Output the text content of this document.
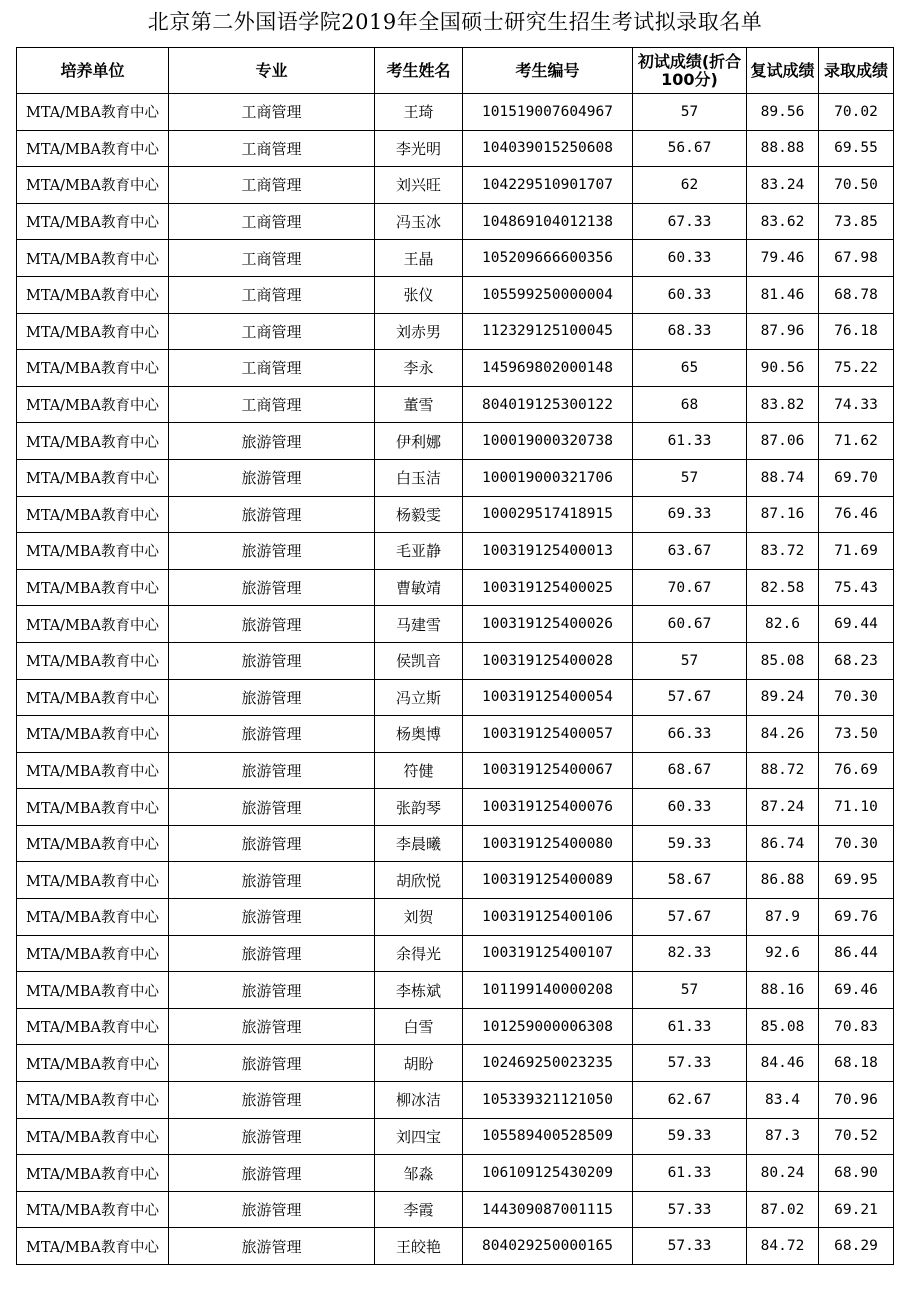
北京第二外国语学院2019年全国硕士研究生招生考试拟录取名单
培养单位	专业	考生姓名	考生编号	初试成绩(折合100分)	复试成绩	录取成绩
MTA/MBA教育中心	工商管理	王琦	101519007604967	57	89.56	70.02
MTA/MBA教育中心	工商管理	李光明	104039015250608	56.67	88.88	69.55
MTA/MBA教育中心	工商管理	刘兴旺	104229510901707	62	83.24	70.50
MTA/MBA教育中心	工商管理	冯玉冰	104869104012138	67.33	83.62	73.85
MTA/MBA教育中心	工商管理	王晶	105209666600356	60.33	79.46	67.98
MTA/MBA教育中心	工商管理	张仪	105599250000004	60.33	81.46	68.78
MTA/MBA教育中心	工商管理	刘赤男	112329125100045	68.33	87.96	76.18
MTA/MBA教育中心	工商管理	李永	145969802000148	65	90.56	75.22
MTA/MBA教育中心	工商管理	董雪	804019125300122	68	83.82	74.33
MTA/MBA教育中心	旅游管理	伊利娜	100019000320738	61.33	87.06	71.62
MTA/MBA教育中心	旅游管理	白玉洁	100019000321706	57	88.74	69.70
MTA/MBA教育中心	旅游管理	杨毅雯	100029517418915	69.33	87.16	76.46
MTA/MBA教育中心	旅游管理	毛亚静	100319125400013	63.67	83.72	71.69
MTA/MBA教育中心	旅游管理	曹敏靖	100319125400025	70.67	82.58	75.43
MTA/MBA教育中心	旅游管理	马建雪	100319125400026	60.67	82.6	69.44
MTA/MBA教育中心	旅游管理	侯凯音	100319125400028	57	85.08	68.23
MTA/MBA教育中心	旅游管理	冯立斯	100319125400054	57.67	89.24	70.30
MTA/MBA教育中心	旅游管理	杨奥博	100319125400057	66.33	84.26	73.50
MTA/MBA教育中心	旅游管理	符健	100319125400067	68.67	88.72	76.69
MTA/MBA教育中心	旅游管理	张韵琴	100319125400076	60.33	87.24	71.10
MTA/MBA教育中心	旅游管理	李晨曦	100319125400080	59.33	86.74	70.30
MTA/MBA教育中心	旅游管理	胡欣悦	100319125400089	58.67	86.88	69.95
MTA/MBA教育中心	旅游管理	刘贺	100319125400106	57.67	87.9	69.76
MTA/MBA教育中心	旅游管理	余得光	100319125400107	82.33	92.6	86.44
MTA/MBA教育中心	旅游管理	李栋斌	101199140000208	57	88.16	69.46
MTA/MBA教育中心	旅游管理	白雪	101259000006308	61.33	85.08	70.83
MTA/MBA教育中心	旅游管理	胡盼	102469250023235	57.33	84.46	68.18
MTA/MBA教育中心	旅游管理	柳冰洁	105339321121050	62.67	83.4	70.96
MTA/MBA教育中心	旅游管理	刘四宝	105589400528509	59.33	87.3	70.52
MTA/MBA教育中心	旅游管理	邹淼	106109125430209	61.33	80.24	68.90
MTA/MBA教育中心	旅游管理	李霞	144309087001115	57.33	87.02	69.21
MTA/MBA教育中心	旅游管理	王皎艳	804029250000165	57.33	84.72	68.29
